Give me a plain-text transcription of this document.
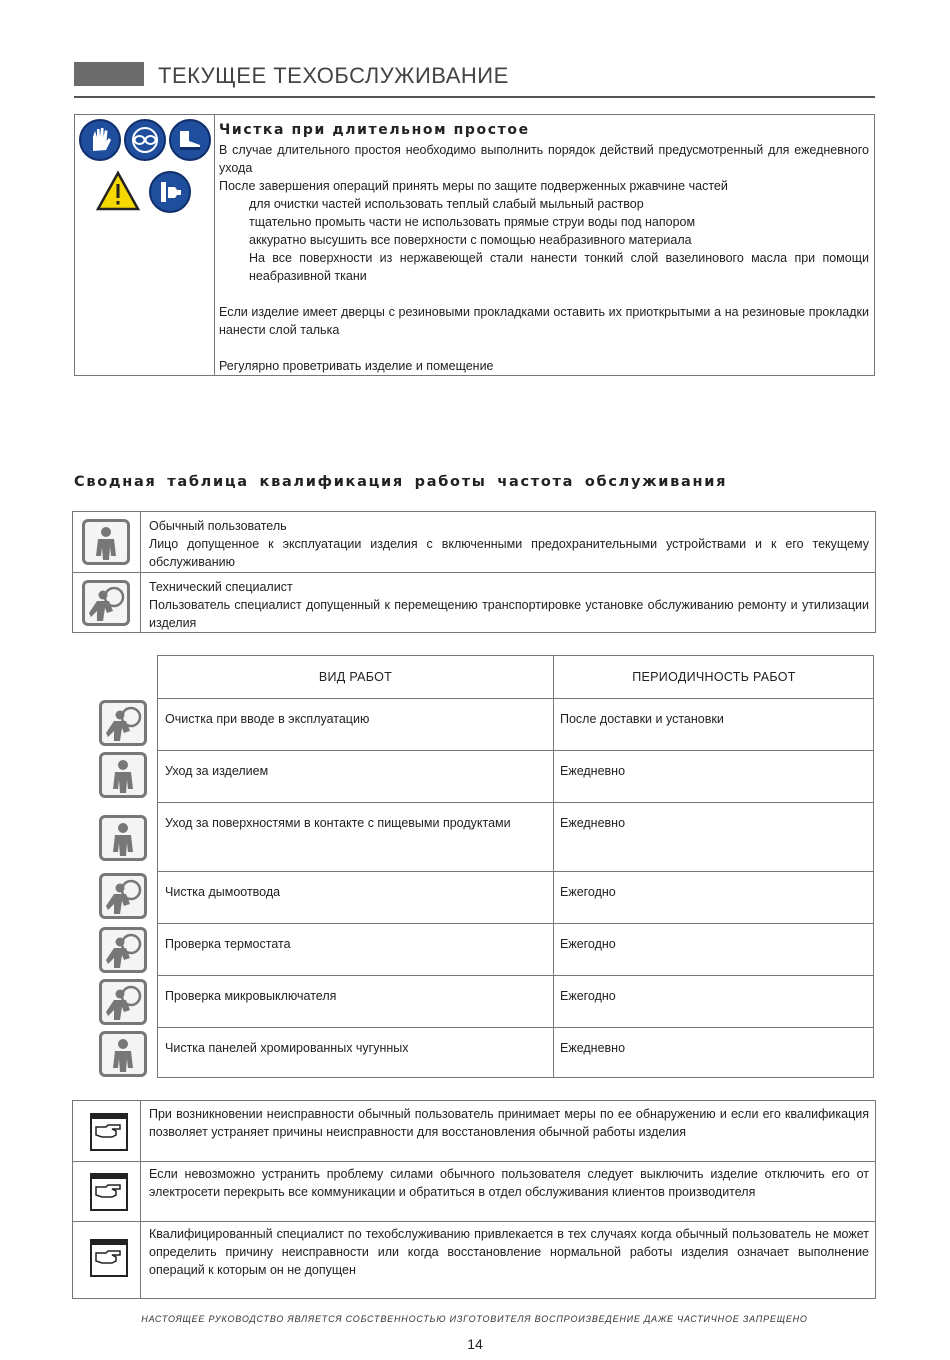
ТЕКУЩЕЕ ТЕХОБСЛУЖИВАНИЕ
Чистка при длительном простое
В случае длительного простоя необходимо выполнить порядок действий предусмотренный для ежедневного ухода
После завершения операций принять меры по защите подверженных ржавчине частей
для очистки частей использовать теплый слабый мыльный раствор
тщательно промыть части не использовать прямые струи воды под напором
аккуратно высушить все поверхности с помощью неабразивного материала
На все поверхности из нержавеющей стали нанести тонкий слой вазелинового масла при помощи неабразивной ткани
Если изделие имеет дверцы с резиновыми прокладками оставить их приоткрытыми а на резиновые прокладки нанести слой талька
Регулярно проветривать изделие и помещение
Сводная таблица квалификация работы частота обслуживания
Обычный пользователь
Лицо допущенное к эксплуатации изделия с включенными предохранительными устройствами и к его текущему обслуживанию
Технический специалист
Пользователь специалист допущенный к перемещению транспортировке установке обслуживанию ремонту и утилизации изделия
ВИД РАБОТ	ПЕРИОДИЧНОСТЬ РАБОТ
Очистка при вводе в эксплуатацию	После доставки и установки
Уход за изделием	Ежедневно
Уход за поверхностями в контакте с пищевыми продуктами	Ежедневно
Чистка дымоотвода	Ежегодно
Проверка термостата	Ежегодно
Проверка микровыключателя	Ежегодно
Чистка панелей хромированных чугунных	Ежедневно
При возникновении неисправности обычный пользователь принимает меры по ее обнаружению и если его квалификация позволяет устраняет причины неисправности для восстановления обычной работы изделия
Если невозможно устранить проблему силами обычного пользователя следует выключить изделие отключить его от электросети перекрыть все коммуникации и обратиться в отдел обслуживания клиентов производителя
Квалифицированный специалист по техобслуживанию привлекается в тех случаях когда обычный пользователь не может определить причину неисправности или когда восстановление нормальной работы изделия означает выполнение операций к которым он не допущен
НАСТОЯЩЕЕ РУКОВОДСТВО ЯВЛЯЕТСЯ СОБСТВЕННОСТЬЮ ИЗГОТОВИТЕЛЯ ВОСПРОИЗВЕДЕНИЕ ДАЖЕ ЧАСТИЧНОЕ ЗАПРЕЩЕНО
14
